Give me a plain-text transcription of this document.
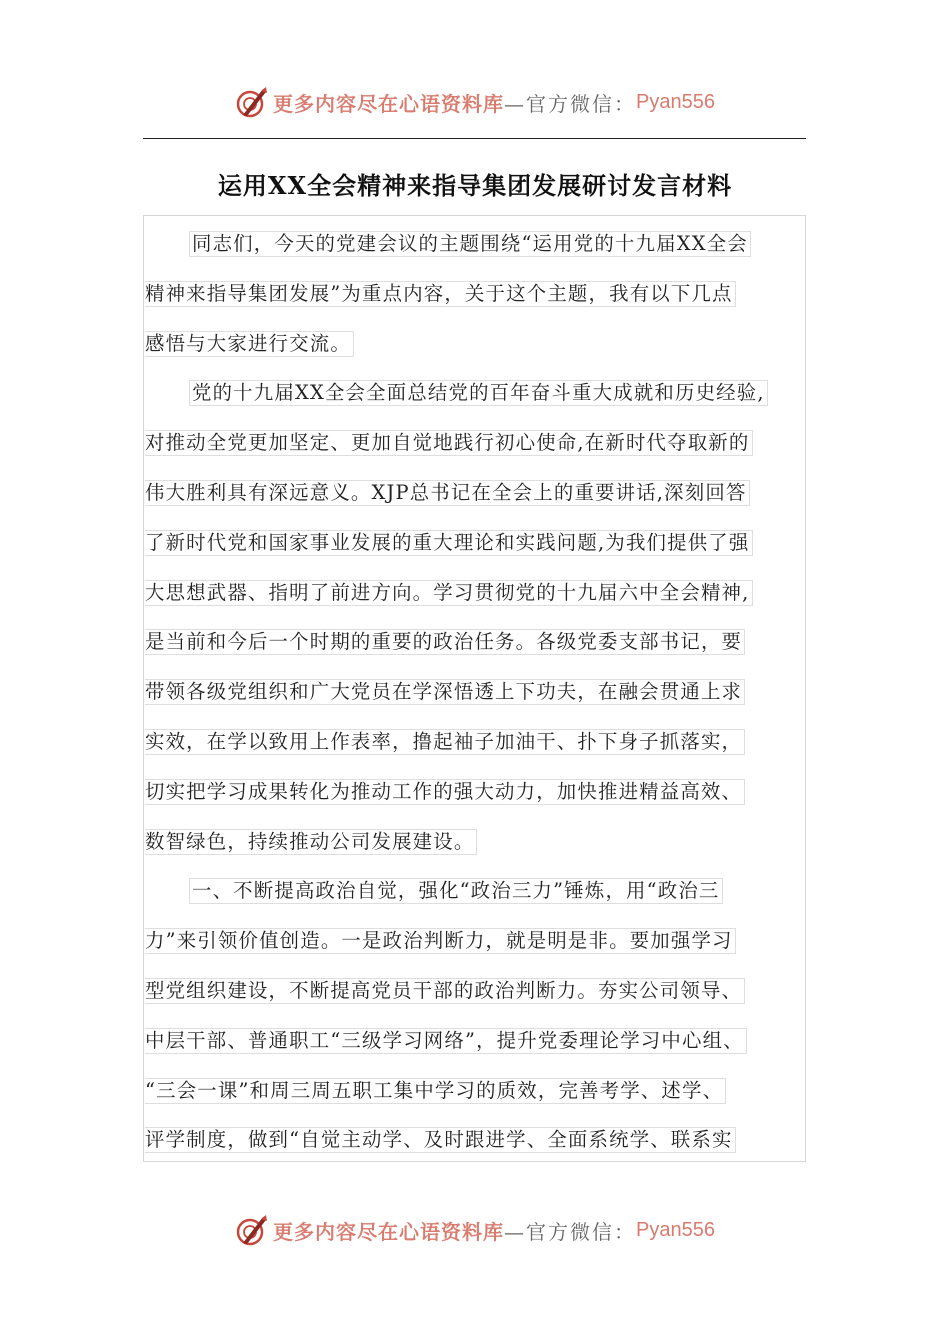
更多内容尽在心语资料库 —官方微信： Pyan556
运用XX全会精神来指导集团发展研讨发言材料
同志们，今天的党建会议的主题围绕“运用党的十九届XX全会
精神来指导集团发展”为重点内容，关于这个主题，我有以下几点
感悟与大家进行交流。
党的十九届XX全会全面总结党的百年奋斗重大成就和历史经验,
对推动全党更加坚定、更加自觉地践行初心使命,在新时代夺取新的
伟大胜利具有深远意义。XJP总书记在全会上的重要讲话,深刻回答
了新时代党和国家事业发展的重大理论和实践问题,为我们提供了强
大思想武器、指明了前进方向。学习贯彻党的十九届六中全会精神,
是当前和今后一个时期的重要的政治任务。各级党委支部书记，要
带领各级党组织和广大党员在学深悟透上下功夫，在融会贯通上求
实效，在学以致用上作表率，撸起袖子加油干、扑下身子抓落实，
切实把学习成果转化为推动工作的强大动力，加快推进精益高效、
数智绿色，持续推动公司发展建设。
一、不断提高政治自觉，强化“政治三力”锤炼，用“政治三
力”来引领价值创造。一是政治判断力，就是明是非。要加强学习
型党组织建设，不断提高党员干部的政治判断力。夯实公司领导、
中层干部、普通职工“三级学习网络”，提升党委理论学习中心组、
“三会一课”和周三周五职工集中学习的质效，完善考学、述学、
评学制度，做到“自觉主动学、及时跟进学、全面系统学、联系实
更多内容尽在心语资料库 —官方微信： Pyan556
